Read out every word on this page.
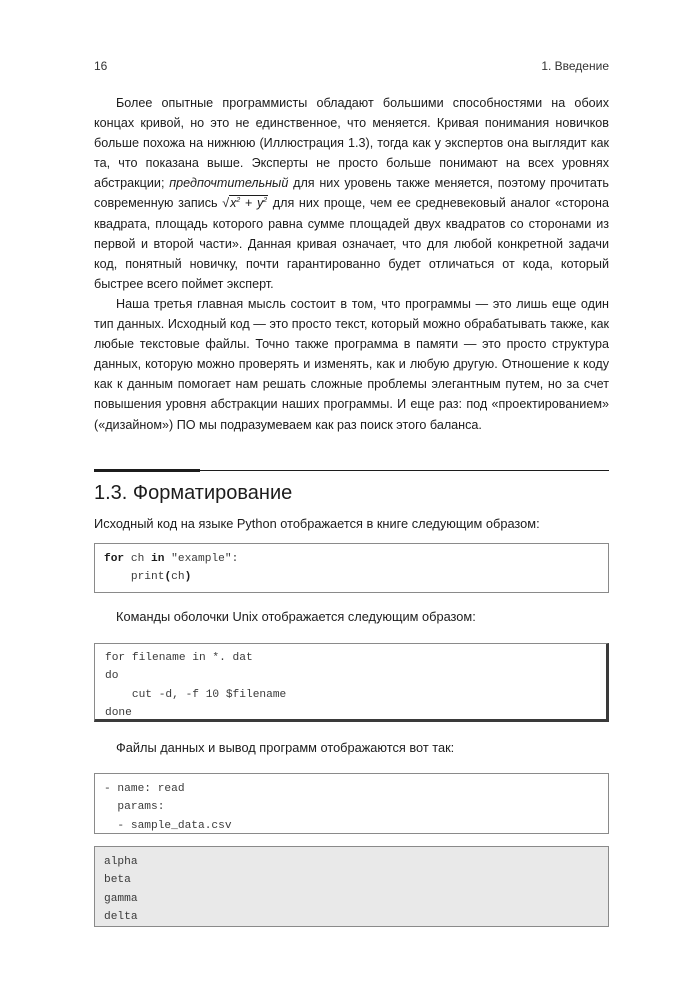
16	1. Введение

Более опытные программисты обладают большими способностями на обоих концах кривой, но это не единственное, что меняется. Кривая понимания новичков больше похожа на нижнюю (Иллюстрация 1.3), тогда как у экспертов она выглядит как та, что показана выше. Эксперты не просто больше понимают на всех уровнях абстракции; предпочтительный для них уровень также меняется, поэтому прочитать современную запись $√x^2 + y^2$ для них проще, чем ее средневековый аналог «сторона квадрата, площадь которого равна сумме площадей двух квадратов со сторонами из первой и второй части». Данная кривая означает, что для любой конкретной задачи код, понятный новичку, почти гарантированно будет отличаться от кода, который быстрее всего поймет эксперт.

Наша третья главная мысль состоит в том, что программы — это лишь еще один тип данных. Исходный код — это просто текст, который можно обрабатывать также, как любые текстовые файлы. Точно также программа в памяти — это просто структура данных, которую можно проверять и изменять, как и любую другую. Отношение к коду как к данным помогает нам решать сложные проблемы элегантным путем, но за счет повышения уровня абстракции наших программы. И еще раз: под «проектированием» («дизайном») ПО мы подразумеваем как раз поиск этого баланса.

1.3. Форматирование

Исходный код на языке Python отображается в книге следующим образом:

for ch in "example":
print(ch)

Команды оболочки Unix отображается следующим образом:

for filename in *. dat
do
cut -d, -f 10 $filename
done

Файлы данных и вывод программ отображаются вот так:

- name: read
params:
- sample_data.csv
alpha
beta
gamma
delta
